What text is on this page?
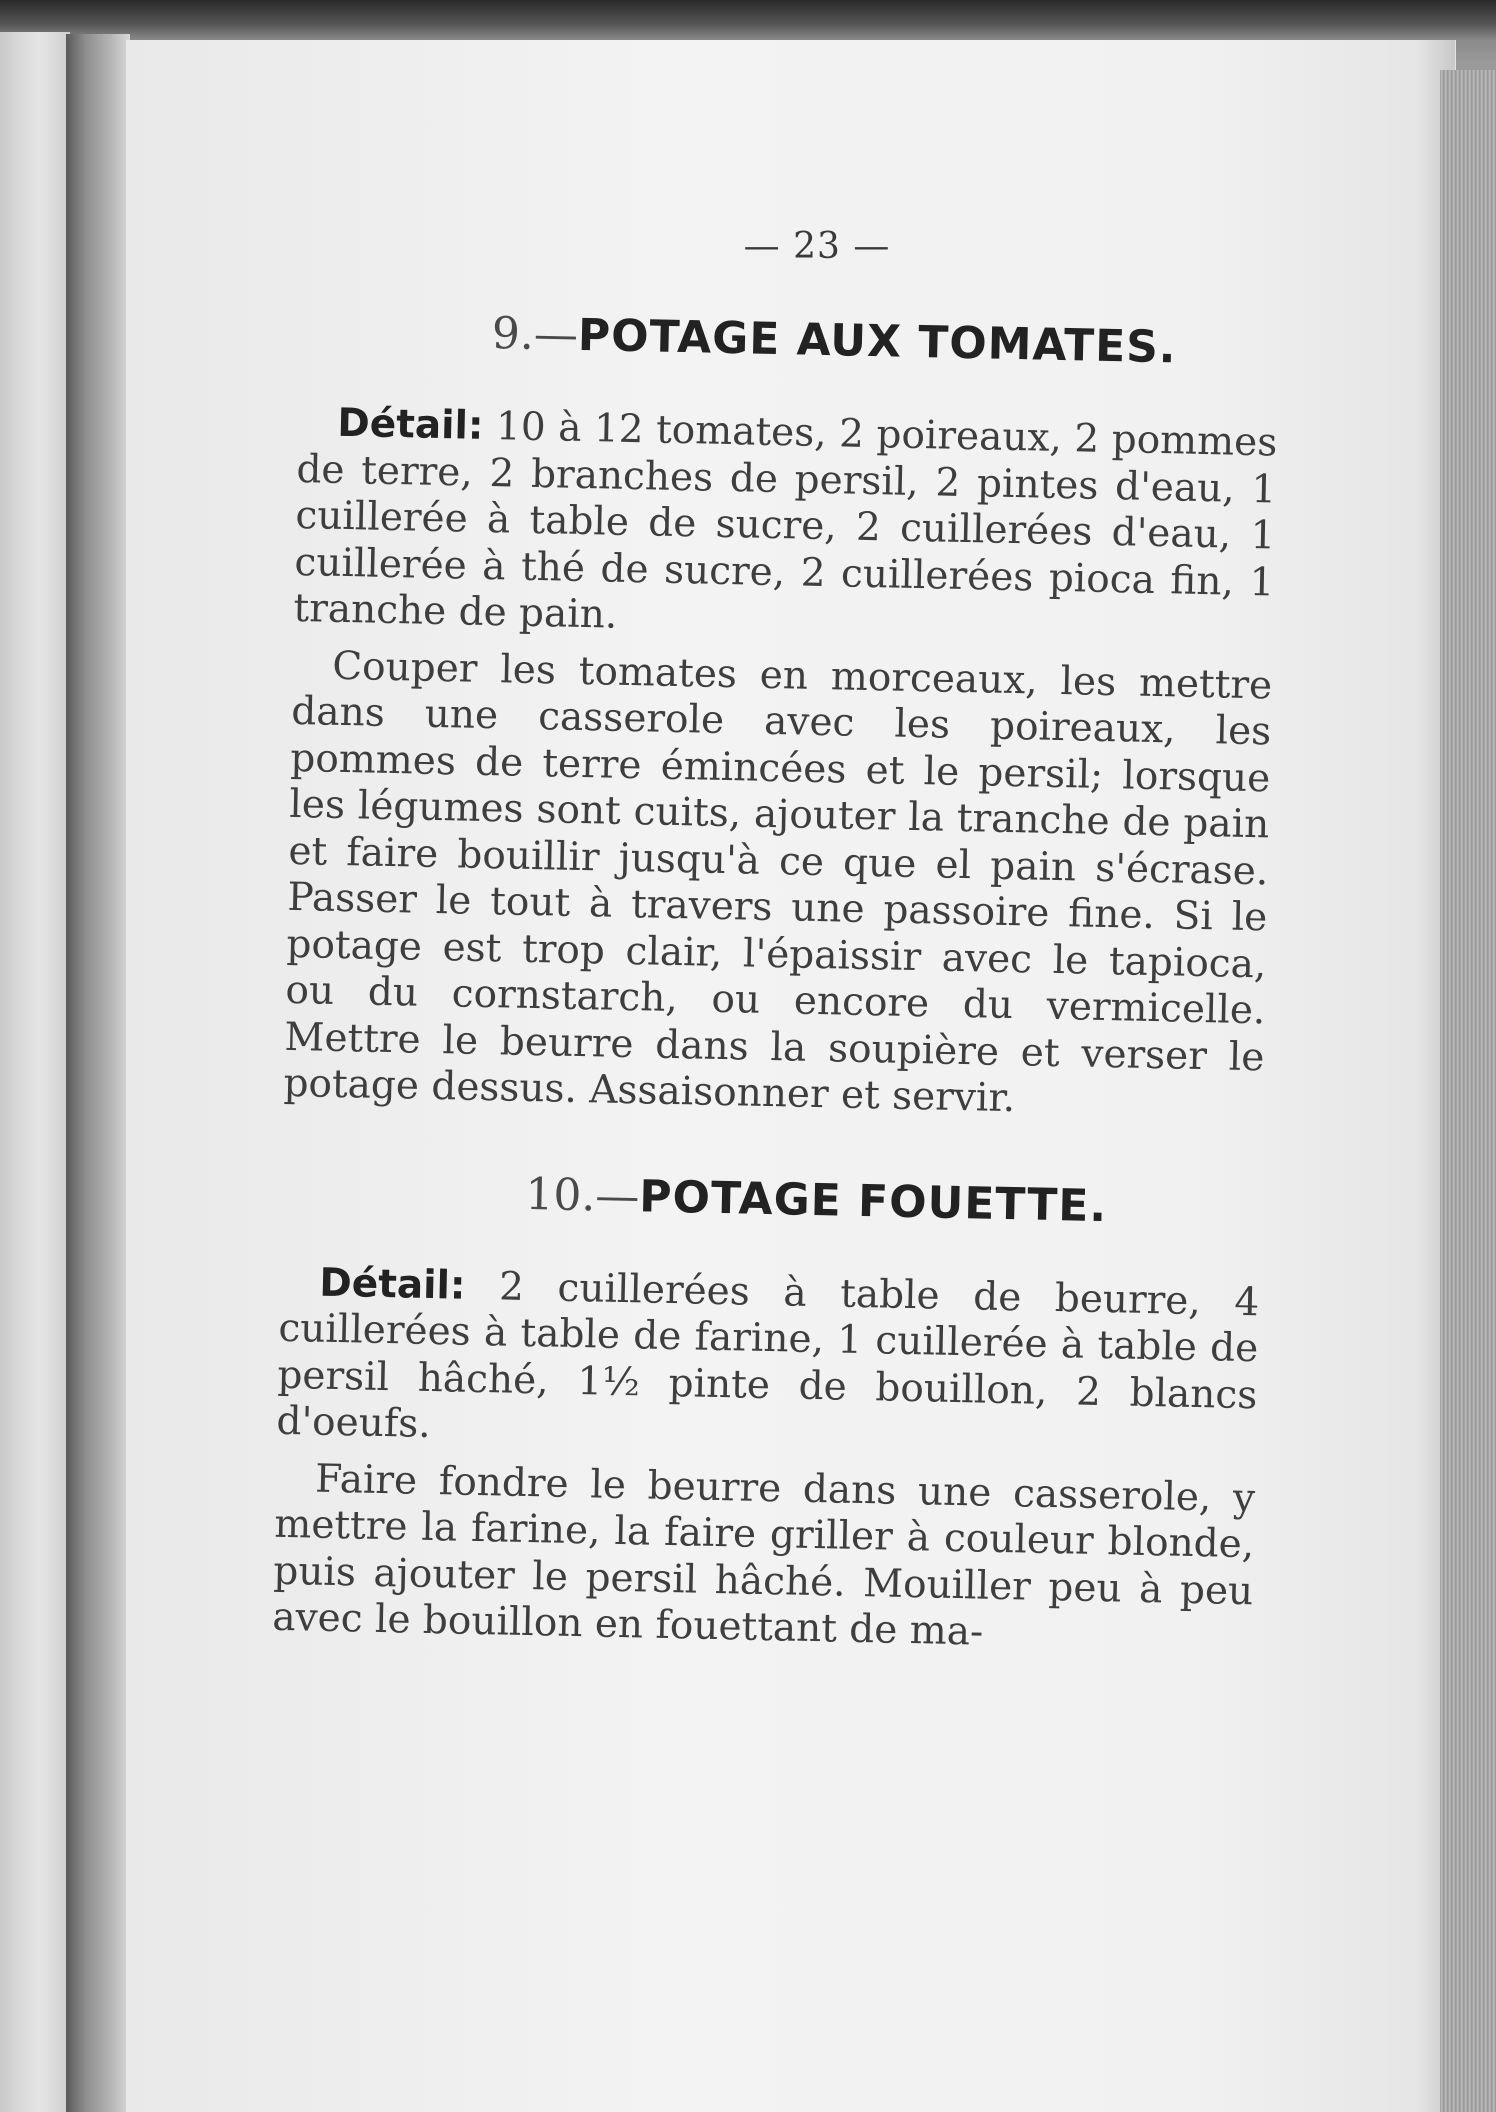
— 23 —
9.—POTAGE AUX TOMATES.

Détail: 10 à 12 tomates, 2 poireaux, 2 pommes de terre, 2 branches de persil, 2 pintes d'eau, 1 cuillerée à table de sucre, 2 cuillerées d'eau, 1 cuillerée à thé de sucre, 2 cuillerées pioca fin, 1 tranche de pain.

Couper les tomates en morceaux, les mettre dans une casserole avec les poireaux, les pommes de terre émincées et le persil; lorsque les légumes sont cuits, ajouter la tranche de pain et faire bouillir jusqu'à ce que el pain s'écrase. Passer le tout à travers une passoire fine. Si le potage est trop clair, l'épaissir avec le tapioca, ou du cornstarch, ou encore du vermicelle. Mettre le beurre dans la soupière et verser le potage dessus. Assaisonner et servir.

10.—POTAGE FOUETTE.

Détail: 2 cuillerées à table de beurre, 4 cuillerées à table de farine, 1 cuillerée à table de persil hâché, 1½ pinte de bouillon, 2 blancs d'oeufs.

Faire fondre le beurre dans une casserole, y mettre la farine, la faire griller à couleur blonde, puis ajouter le persil hâché. Mouiller peu à peu avec le bouillon en fouettant de ma-
